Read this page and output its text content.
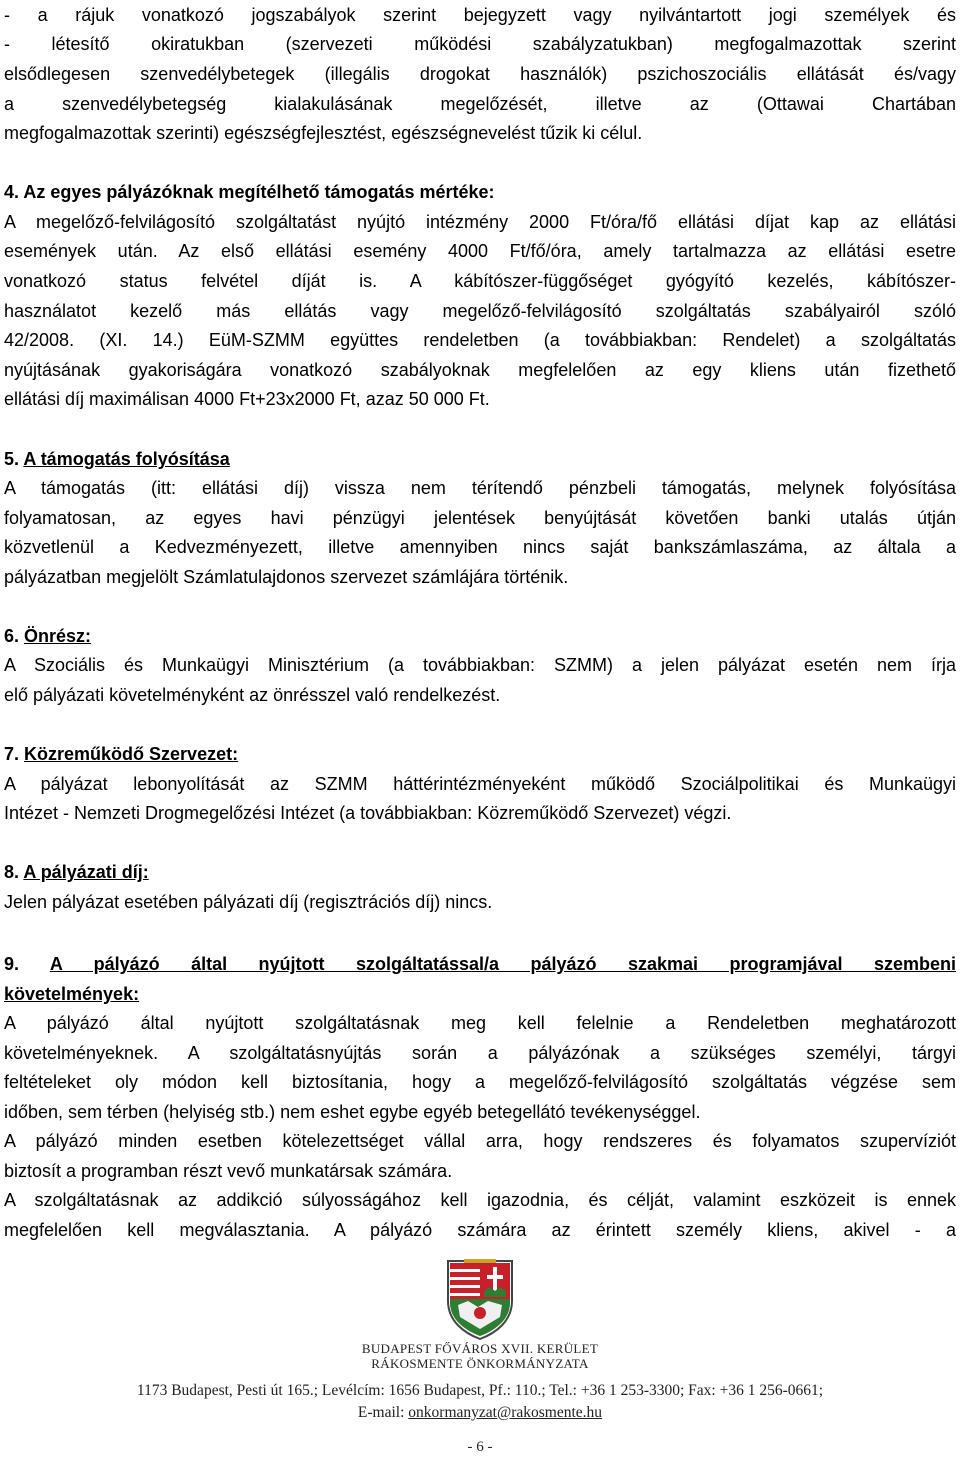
- a rájuk vonatkozó jogszabályok szerint bejegyzett vagy nyilvántartott jogi személyek és
- létesítő okiratukban (szervezeti működési szabályzatukban) megfogalmazottak szerint
elsődlegesen szenvedélybetegek (illegális drogokat használók) pszichoszociális ellátását és/vagy
a szenvedélybetegség kialakulásának megelőzését, illetve az (Ottawai Chartában
megfogalmazottak szerinti) egészségfejlesztést, egészségnevelést tűzik ki célul.
4. Az egyes pályázóknak megítélhető támogatás mértéke:
A megelőző-felvilágosító szolgáltatást nyújtó intézmény 2000 Ft/óra/fő ellátási díjat kap az ellátási
események után. Az első ellátási esemény 4000 Ft/fő/óra, amely tartalmazza az ellátási esetre
vonatkozó status felvétel díját is. A kábítószer-függőséget gyógyító kezelés, kábítószer-
használatot kezelő más ellátás vagy megelőző-felvilágosító szolgáltatás szabályairól szóló
42/2008. (XI. 14.) EüM-SZMM együttes rendeletben (a továbbiakban: Rendelet) a szolgáltatás
nyújtásának gyakoriságára vonatkozó szabályoknak megfelelően az egy kliens után fizethető
ellátási díj maximálisan 4000 Ft+23x2000 Ft, azaz 50 000 Ft.
5. A támogatás folyósítása
A támogatás (itt: ellátási díj) vissza nem térítendő pénzbeli támogatás, melynek folyósítása
folyamatosan, az egyes havi pénzügyi jelentések benyújtását követően banki utalás útján
közvetlenül a Kedvezményezett, illetve amennyiben nincs saját bankszámlaszáma, az általa a
pályázatban megjelölt Számlatulajdonos szervezet számlájára történik.
6. Önrész:
A Szociális és Munkaügyi Minisztérium (a továbbiakban: SZMM) a jelen pályázat esetén nem írja
elő pályázati követelményként az önrésszel való rendelkezést.
7. Közreműködő Szervezet:
A pályázat lebonyolítását az SZMM háttérintézményeként működő Szociálpolitikai és Munkaügyi
Intézet - Nemzeti Drogmegelőzési Intézet (a továbbiakban: Közreműködő Szervezet) végzi.
8. A pályázati díj:
Jelen pályázat esetében pályázati díj (regisztrációs díj) nincs.
9. A pályázó által nyújtott szolgáltatással/a pályázó szakmai programjával szembeni
követelmények:
A pályázó által nyújtott szolgáltatásnak meg kell felelnie a Rendeletben meghatározott
követelményeknek. A szolgáltatásnyújtás során a pályázónak a szükséges személyi, tárgyi
feltételeket oly módon kell biztosítania, hogy a megelőző-felvilágosító szolgáltatás végzése sem
időben, sem térben (helyiség stb.) nem eshet egybe egyéb betegellátó tevékenységgel.
A pályázó minden esetben kötelezettséget vállal arra, hogy rendszeres és folyamatos szupervíziót
biztosít a programban részt vevő munkatársak számára.
A szolgáltatásnak az addikció súlyosságához kell igazodnia, és célját, valamint eszközeit is ennek
megfelelően kell megválasztania. A pályázó számára az érintett személy kliens, akivel - a
BUDAPEST FŐVÁROS XVII. KERÜLET
RÁKOSMENTE ÖNKORMÁNYZATA
1173 Budapest, Pesti út 165.; Levélcím: 1656 Budapest, Pf.: 110.; Tel.: +36 1 253-3300; Fax: +36 1 256-0661;
E-mail: onkormanyzat@rakosmente.hu
- 6 -
